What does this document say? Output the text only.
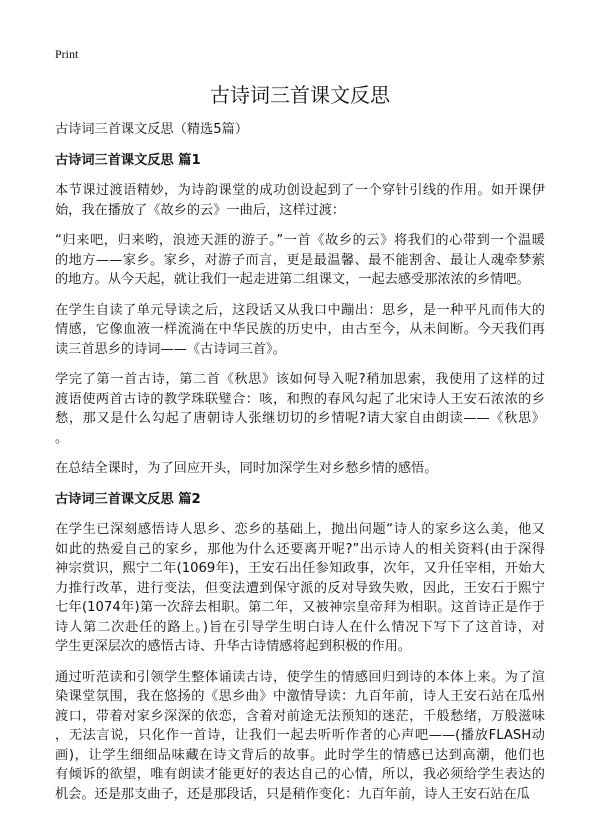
Print
古诗词三首课文反思
古诗词三首课文反思（精选5篇）
古诗词三首课文反思 篇1
本节课过渡语精妙，为诗韵课堂的成功创设起到了一个穿针引线的作用。如开课伊
始，我在播放了《故乡的云》一曲后，这样过渡：
“归来吧，归来哟，浪迹天涯的游子。”一首《故乡的云》将我们的心带到一个温暖
的地方——家乡。家乡，对游子而言，更是最温馨、最不能割舍、最让人魂牵梦萦
的地方。从今天起，就让我们一起走进第二组课文，一起去感受那浓浓的乡情吧。
在学生自读了单元导读之后，这段话又从我口中蹦出：思乡，是一种平凡而伟大的
情感，它像血液一样流淌在中华民族的历史中，由古至今，从未间断。今天我们再
读三首思乡的诗词——《古诗词三首》。
学完了第一首古诗，第二首《秋思》该如何导入呢?稍加思索，我使用了这样的过
渡语使两首古诗的教学珠联璧合：咳，和煦的春风勾起了北宋诗人王安石浓浓的乡
愁，那又是什么勾起了唐朝诗人张继切切的乡情呢?请大家自由朗读——《秋思》
。
在总结全课时，为了回应开头，同时加深学生对乡愁乡情的感悟。
古诗词三首课文反思 篇2
在学生已深刻感悟诗人思乡、恋乡的基础上，抛出问题“诗人的家乡这么美，他又
如此的热爱自己的家乡，那他为什么还要离开呢?”出示诗人的相关资料(由于深得
神宗赏识，熙宁二年(1069年)，王安石出任参知政事，次年，又升任宰相，开始大
力推行改革，进行变法，但变法遭到保守派的反对导致失败，因此，王安石于熙宁
七年(1074年)第一次辞去相职。第二年，又被神宗皇帝拜为相职。这首诗正是作于
诗人第二次赴任的路上。)旨在引导学生明白诗人在什么情况下写下了这首诗，对
学生更深层次的感悟古诗、升华古诗情感将起到积极的作用。
通过听范读和引领学生整体诵读古诗，使学生的情感回归到诗的本体上来。为了渲
染课堂氛围，我在悠扬的《思乡曲》中激情导读：九百年前，诗人王安石站在瓜州
渡口，带着对家乡深深的依恋，含着对前途无法预知的迷茫，千般愁绪，万般滋味
，无法言说，只化作一首诗，让我们一起去听听作者的心声吧——(播放FLASH动
画)，让学生细细品味藏在诗文背后的故事。此时学生的情感已达到高潮，他们也
有倾诉的欲望，唯有朗读才能更好的表达自己的心情，所以，我必须给学生表达的
机会。还是那支曲子，还是那段话，只是稍作变化：九百年前，诗人王安石站在瓜
